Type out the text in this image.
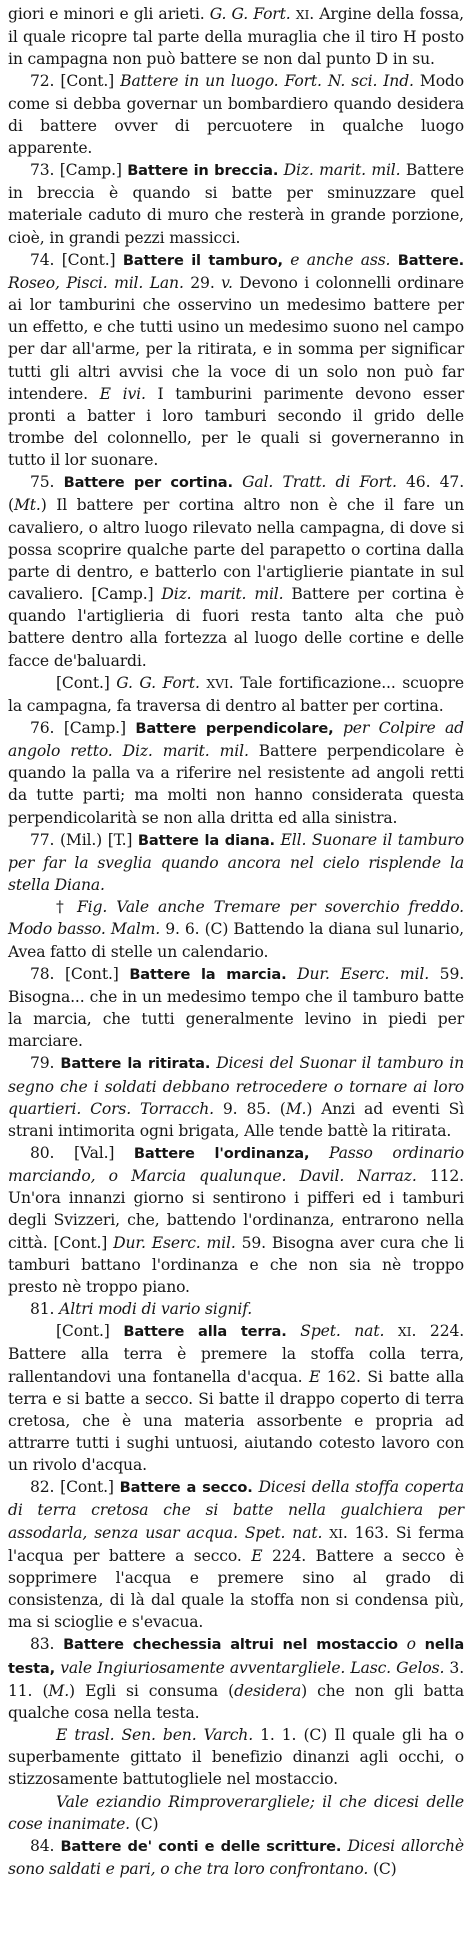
giori e minori e gli arieti. G. G. Fort. XI. Argine della fossa, il quale ricopre tal parte della muraglia che il tiro H posto in campagna non può battere se non dal punto D in su.

72. [Cont.] Battere in un luogo. Fort. N. sci. Ind. Modo come si debba governar un bombardiero quando desidera di battere ovver di percuotere in qualche luogo apparente.

73. [Camp.] Battere in breccia. Diz. marit. mil. Battere in breccia è quando si batte per sminuzzare quel materiale caduto di muro che resterà in grande porzione, cioè, in grandi pezzi massicci.

74. [Cont.] Battere il tamburo, e anche ass. Battere. Roseo, Pisci. mil. Lan. 29. v. Devono i colonnelli ordinare ai lor tamburini che osservino un medesimo battere per un effetto, e che tutti usino un medesimo suono nel campo per dar all'arme, per la ritirata, e in somma per significar tutti gli altri avvisi che la voce di un solo non può far intendere. E ivi. I tamburini parimente devono esser pronti a batter i loro tamburi secondo il grido delle trombe del colonnello, per le quali si governeranno in tutto il lor suonare.

75. Battere per cortina. Gal. Tratt. di Fort. 46. 47. (Mt.) Il battere per cortina altro non è che il fare un cavaliero, o altro luogo rilevato nella campagna, di dove si possa scoprire qualche parte del parapetto o cortina dalla parte di dentro, e batterlo con l'artiglierie piantate in sul cavaliero. [Camp.] Diz. marit. mil. Battere per cortina è quando l'artiglieria di fuori resta tanto alta che può battere dentro alla fortezza al luogo delle cortine e delle facce de'baluardi.

[Cont.] G. G. Fort. XVI. Tale fortificazione... scuopre la campagna, fa traversa di dentro al batter per cortina.

76. [Camp.] Battere perpendicolare, per Colpire ad angolo retto. Diz. marit. mil. Battere perpendicolare è quando la palla va a riferire nel resistente ad angoli retti da tutte parti; ma molti non hanno considerata questa perpendicolarità se non alla dritta ed alla sinistra.

77. (Mil.) [T.] Battere la diana. Ell. Suonare il tamburo per far la sveglia quando ancora nel cielo risplende la stella Diana.

† Fig. Vale anche Tremare per soverchio freddo. Modo basso. Malm. 9. 6. (C) Battendo la diana sul lunario, Avea fatto di stelle un calendario.

78. [Cont.] Battere la marcia. Dur. Eserc. mil. 59. Bisogna... che in un medesimo tempo che il tamburo batte la marcia, che tutti generalmente levino in piedi per marciare.

79. Battere la ritirata. Dicesi del Suonar il tamburo in segno che i soldati debbano retrocedere o tornare ai loro quartieri. Cors. Torracch. 9. 85. (M.) Anzi ad eventi Sì strani intimorita ogni brigata, Alle tende battè la ritirata.

80. [Val.] Battere l'ordinanza, Passo ordinario marciando, o Marcia qualunque. Davil. Narraz. 112. Un'ora innanzi giorno si sentirono i pifferi ed i tamburi degli Svizzeri, che, battendo l'ordinanza, entrarono nella città. [Cont.] Dur. Eserc. mil. 59. Bisogna aver cura che li tamburi battano l'ordinanza e che non sia nè troppo presto nè troppo piano.

81. Altri modi di vario signif.

[Cont.] Battere alla terra. Spet. nat. XI. 224. Battere alla terra è premere la stoffa colla terra, rallentandovi una fontanella d'acqua. E 162. Si batte alla terra e si batte a secco. Si batte il drappo coperto di terra cretosa, che è una materia assorbente e propria ad attrarre tutti i sughi untuosi, aiutando cotesto lavoro con un rivolo d'acqua.

82. [Cont.] Battere a secco. Dicesi della stoffa coperta di terra cretosa che si batte nella gualchiera per assodarla, senza usar acqua. Spet. nat. XI. 163. Si ferma l'acqua per battere a secco. E 224. Battere a secco è sopprimere l'acqua e premere sino al grado di consistenza, di là dal quale la stoffa non si condensa più, ma si scioglie e s'evacua.

83. Battere chechessia altrui nel mostaccio o nella testa, vale Ingiuriosamente avventargliele. Lasc. Gelos. 3. 11. (M.) Egli si consuma (desidera) che non gli batta qualche cosa nella testa.

E trasl. Sen. ben. Varch. 1. 1. (C) Il quale gli ha o superbamente gittato il benefizio dinanzi agli occhi, o stizzosamente battutogliele nel mostaccio.

Vale eziandio Rimproverargliele; il che dicesi delle cose inanimate. (C)

84. Battere de' conti e delle scritture. Dicesi allorchè sono saldati e pari, o che tra loro confrontano. (C)
